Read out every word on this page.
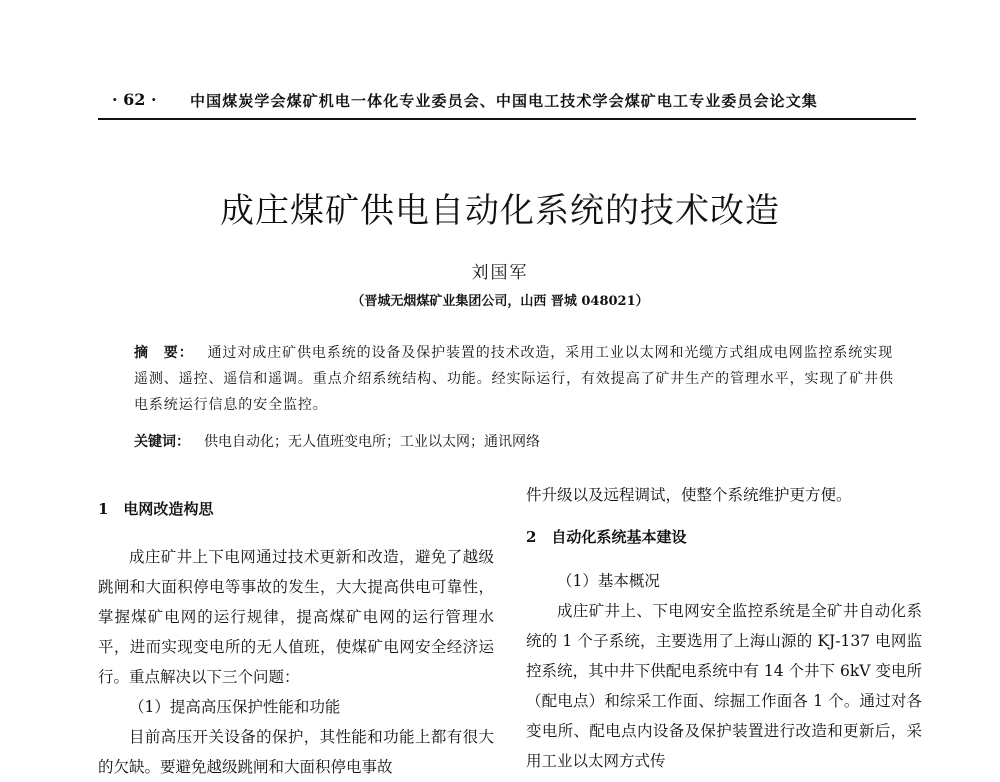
· 62 · 中国煤炭学会煤矿机电一体化专业委员会、中国电工技术学会煤矿电工专业委员会论文集
成庄煤矿供电自动化系统的技术改造
刘国军
（晋城无烟煤矿业集团公司，山西 晋城 048021）
摘　要： 通过对成庄矿供电系统的设备及保护装置的技术改造，采用工业以太网和光缆方式组成电网监控系统实现遥测、遥控、遥信和遥调。重点介绍系统结构、功能。经实际运行，有效提高了矿井生产的管理水平，实现了矿井供电系统运行信息的安全监控。
关键词： 供电自动化；无人值班变电所；工业以太网；通讯网络

1　电网改造构思

成庄矿井上下电网通过技术更新和改造，避免了越级跳闸和大面积停电等事故的发生，大大提高供电可靠性，掌握煤矿电网的运行规律，提高煤矿电网的运行管理水平，进而实现变电所的无人值班，使煤矿电网安全经济运行。重点解决以下三个问题：

（1）提高高压保护性能和功能

目前高压开关设备的保护，其性能和功能上都有很大的欠缺。要避免越级跳闸和大面积停电事故

件升级以及远程调试，使整个系统维护更方便。

2　自动化系统基本建设

（1）基本概况

成庄矿井上、下电网安全监控系统是全矿井自动化系统的 1 个子系统，主要选用了上海山源的 KJ-137 电网监控系统，其中井下供配电系统中有 14 个井下 6kV 变电所（配电点）和综采工作面、综掘工作面各 1 个。通过对各变电所、配电点内设备及保护装置进行改造和更新后，采用工业以太网方式传
